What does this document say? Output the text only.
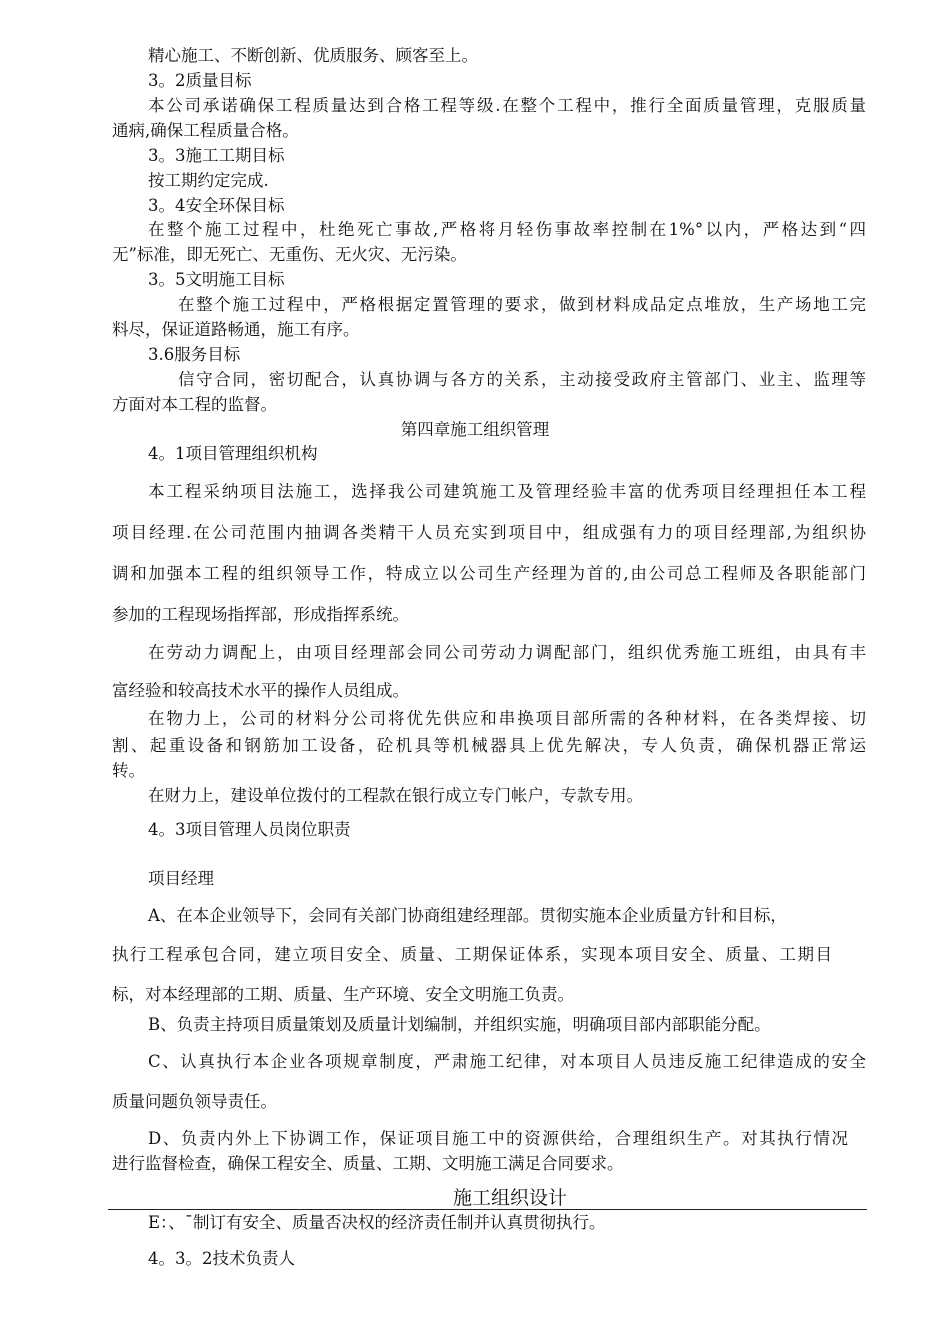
精心施工、不断创新、优质服务、顾客至上。
3。2质量目标
本公司承诺确保工程质量达到合格工程等级.在整个工程中，推行全面质量管理，克服质量
通病,确保工程质量合格。
3。3施工工期目标
按工期约定完成.
3。4安全环保目标
在整个施工过程中，杜绝死亡事故,严格将月轻伤事故率控制在1%°以内，严格达到“四
无”标准，即无死亡、无重伤、无火灾、无污染。
3。5文明施工目标
在整个施工过程中，严格根据定置管理的要求，做到材料成品定点堆放，生产场地工完
料尽，保证道路畅通，施工有序。
3.6服务目标
信守合同，密切配合，认真协调与各方的关系，主动接受政府主管部门、业主、监理等
方面对本工程的监督。
第四章施工组织管理
4。1项目管理组织机构
本工程采纳项目法施工，选择我公司建筑施工及管理经验丰富的优秀项目经理担任本工程
项目经理.在公司范围内抽调各类精干人员充实到项目中，组成强有力的项目经理部,为组织协
调和加强本工程的组织领导工作，特成立以公司生产经理为首的,由公司总工程师及各职能部门
参加的工程现场指挥部，形成指挥系统。
在劳动力调配上，由项目经理部会同公司劳动力调配部门，组织优秀施工班组，由具有丰
富经验和较高技术水平的操作人员组成。
在物力上，公司的材料分公司将优先供应和串换项目部所需的各种材料，在各类焊接、切
割、起重设备和钢筋加工设备，砼机具等机械器具上优先解决，专人负责，确保机器正常运
转。
在财力上，建设单位拨付的工程款在银行成立专门帐户，专款专用。
4。3项目管理人员岗位职责
项目经理
A、在本企业领导下，会同有关部门协商组建经理部。贯彻实施本企业质量方针和目标，
执行工程承包合同，建立项目安全、质量、工期保证体系，实现本项目安全、质量、工期目
标，对本经理部的工期、质量、生产环境、安全文明施工负责。
B、负责主持项目质量策划及质量计划编制，并组织实施，明确项目部内部职能分配。
C、认真执行本企业各项规章制度，严肃施工纪律，对本项目人员违反施工纪律造成的安全
质量问题负领导责任。
D、负责内外上下协调工作，保证项目施工中的资源供给，合理组织生产。对其执行情况
进行监督检查，确保工程安全、质量、工期、文明施工满足合同要求。
施工组织设计
E：、ˉ制订有安全、质量否决权的经济责任制并认真贯彻执行。
4。3。2技术负责人
